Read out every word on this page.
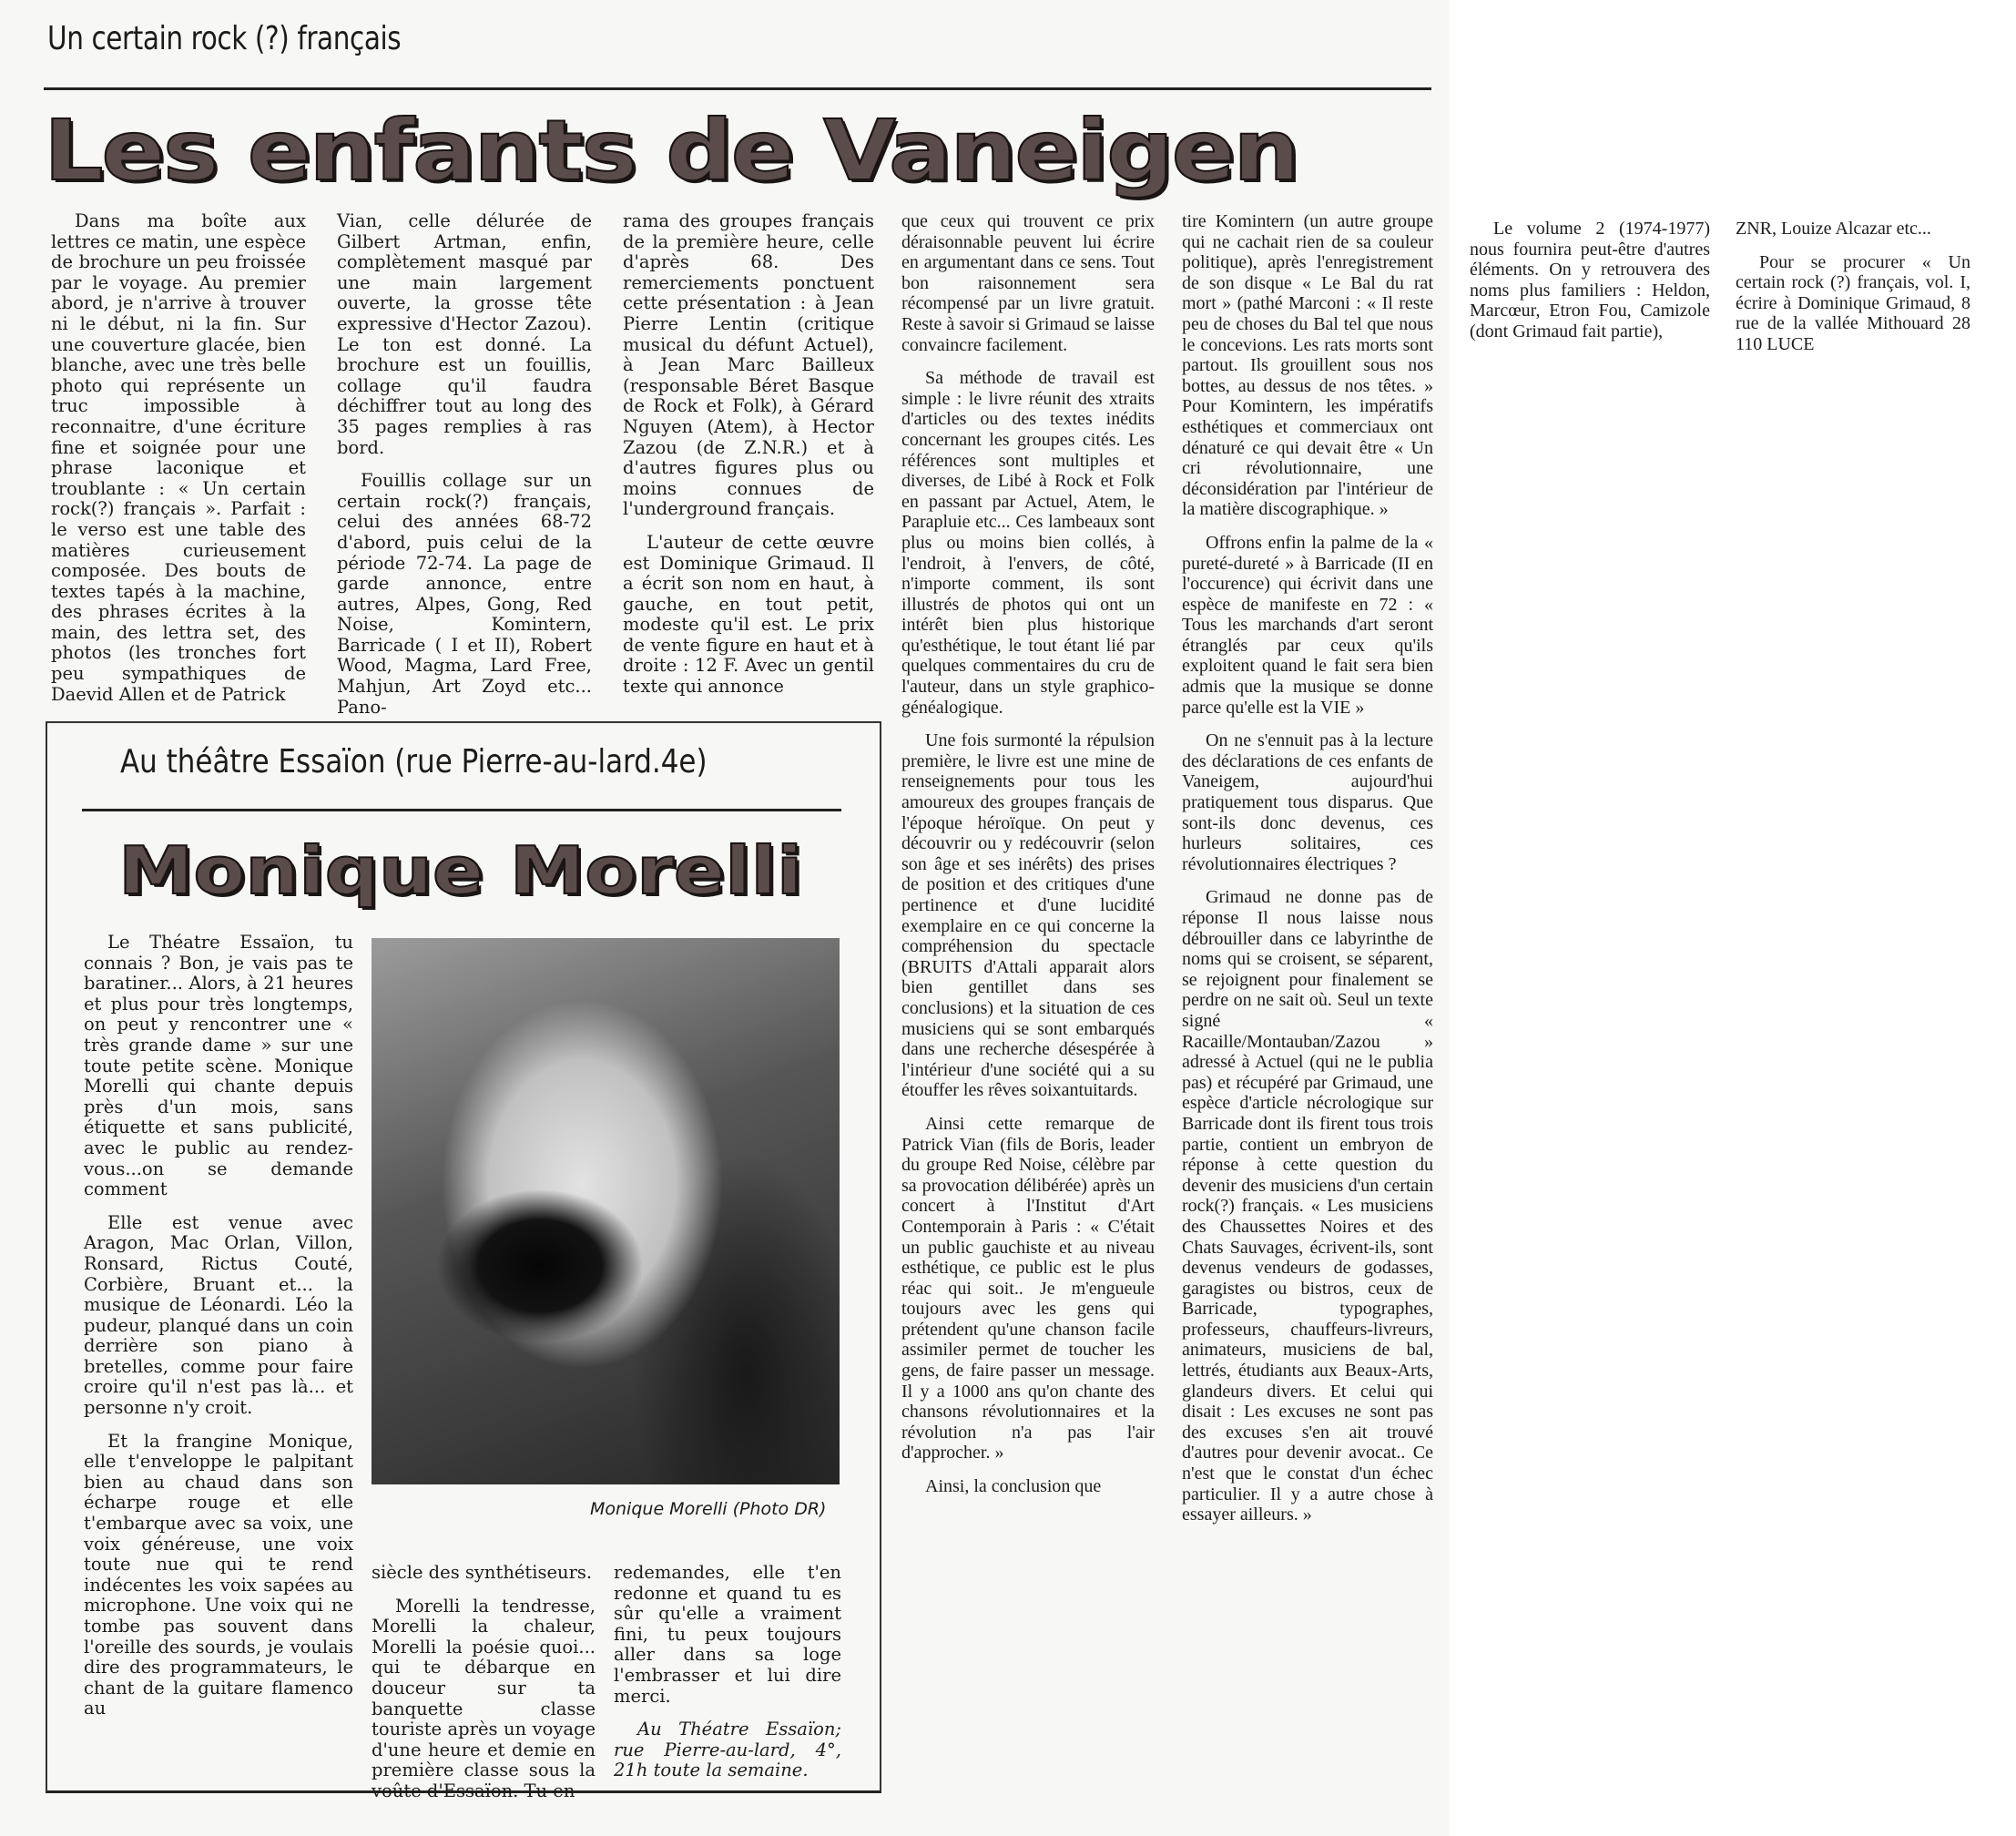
Un certain rock (?) français
Les enfants de Vaneigen

Dans ma boîte aux lettres ce matin, une espèce de brochure un peu froissée par le voyage. Au premier abord, je n'arrive à trouver ni le début, ni la fin. Sur une couverture glacée, bien blanche, avec une très belle photo qui représente un truc impossible à reconnaitre, d'une écriture fine et soignée pour une phrase laconique et troublante : « Un certain rock(?) français ». Parfait : le verso est une table des matières curieusement composée. Des bouts de textes tapés à la machine, des phrases écrites à la main, des lettra set, des photos (les tronches fort peu sympathiques de Daevid Allen et de Patrick

Vian, celle délurée de Gilbert Artman, enfin, complètement masqué par une main largement ouverte, la grosse tête expressive d'Hector Zazou). Le ton est donné. La brochure est un fouillis, collage qu'il faudra déchiffrer tout au long des 35 pages remplies à ras bord.

Fouillis collage sur un certain rock(?) français, celui des années 68-72 d'abord, puis celui de la période 72-74. La page de garde annonce, entre autres, Alpes, Gong, Red Noise, Komintern, Barricade ( I et II), Robert Wood, Magma, Lard Free, Mahjun, Art Zoyd etc... Pano-

rama des groupes français de la première heure, celle d'après 68. Des remerciements ponctuent cette présentation : à Jean Pierre Lentin (critique musical du défunt Actuel), à Jean Marc Bailleux (responsable Béret Basque de Rock et Folk), à Gérard Nguyen (Atem), à Hector Zazou (de Z.N.R.) et à d'autres figures plus ou moins connues de l'underground français.

L'auteur de cette œuvre est Dominique Grimaud. Il a écrit son nom en haut, à gauche, en tout petit, modeste qu'il est. Le prix de vente figure en haut et à droite : 12 F. Avec un gentil texte qui annonce

que ceux qui trouvent ce prix déraisonnable peuvent lui écrire en argumentant dans ce sens. Tout bon raisonnement sera récompensé par un livre gratuit. Reste à savoir si Grimaud se laisse convaincre facilement.

Sa méthode de travail est simple : le livre réunit des xtraits d'articles ou des textes inédits concernant les groupes cités. Les références sont multiples et diverses, de Libé à Rock et Folk en passant par Actuel, Atem, le Parapluie etc... Ces lambeaux sont plus ou moins bien collés, à l'endroit, à l'envers, de côté, n'importe comment, ils sont illustrés de photos qui ont un intérêt bien plus historique qu'esthétique, le tout étant lié par quelques commentaires du cru de l'auteur, dans un style graphico-généalogique.

Une fois surmonté la répulsion première, le livre est une mine de renseignements pour tous les amoureux des groupes français de l'époque héroïque. On peut y découvrir ou y redécouvrir (selon son âge et ses inérêts) des prises de position et des critiques d'une pertinence et d'une lucidité exemplaire en ce qui concerne la compréhension du spectacle (BRUITS d'Attali apparait alors bien gentillet dans ses conclusions) et la situation de ces musiciens qui se sont embarqués dans une recherche désespérée à l'intérieur d'une société qui a su étouffer les rêves soixantuitards.

Ainsi cette remarque de Patrick Vian (fils de Boris, leader du groupe Red Noise, célèbre par sa provocation délibérée) après un concert à l'Institut d'Art Contemporain à Paris : « C'était un public gauchiste et au niveau esthétique, ce public est le plus réac qui soit.. Je m'engueule toujours avec les gens qui prétendent qu'une chanson facile assimiler permet de toucher les gens, de faire passer un message. Il y a 1000 ans qu'on chante des chansons révolutionnaires et la révolution n'a pas l'air d'approcher. »

Ainsi, la conclusion que

tire Komintern (un autre groupe qui ne cachait rien de sa couleur politique), après l'enregistrement de son disque « Le Bal du rat mort » (pathé Marconi : « Il reste peu de choses du Bal tel que nous le concevions. Les rats morts sont partout. Ils grouillent sous nos bottes, au dessus de nos têtes. » Pour Komintern, les impératifs esthétiques et commerciaux ont dénaturé ce qui devait être « Un cri révolutionnaire, une déconsidération par l'intérieur de la matière discographique. »

Offrons enfin la palme de la « pureté-dureté » à Barricade (II en l'occurence) qui écrivit dans une espèce de manifeste en 72 : « Tous les marchands d'art seront étranglés par ceux qu'ils exploitent quand le fait sera bien admis que la musique se donne parce qu'elle est la VIE »

On ne s'ennuit pas à la lecture des déclarations de ces enfants de Vaneigem, aujourd'hui pratiquement tous disparus. Que sont-ils donc devenus, ces hurleurs solitaires, ces révolutionnaires électriques ?

Grimaud ne donne pas de réponse Il nous laisse nous débrouiller dans ce labyrinthe de noms qui se croisent, se séparent, se rejoignent pour finalement se perdre on ne sait où. Seul un texte signé « Racaille/Montauban/Zazou » adressé à Actuel (qui ne le publia pas) et récupéré par Grimaud, une espèce d'article nécrologique sur Barricade dont ils firent tous trois partie, contient un embryon de réponse à cette question du devenir des musiciens d'un certain rock(?) français. « Les musiciens des Chaussettes Noires et des Chats Sauvages, écrivent-ils, sont devenus vendeurs de godasses, garagistes ou bistros, ceux de Barricade, typographes, professeurs, chauffeurs-livreurs, animateurs, musiciens de bal, lettrés, étudiants aux Beaux-Arts, glandeurs divers. Et celui qui disait : Les excuses ne sont pas des excuses s'en ait trouvé d'autres pour devenir avocat.. Ce n'est que le constat d'un échec particulier. Il y a autre chose à essayer ailleurs. »

Au théâtre Essaïon (rue Pierre-au-lard.4e)
Monique Morelli
Monique Morelli (Photo DR)

Le Théatre Essaïon, tu connais ? Bon, je vais pas te baratiner... Alors, à 21 heures et plus pour très longtemps, on peut y rencontrer une « très grande dame » sur une toute petite scène. Monique Morelli qui chante depuis près d'un mois, sans étiquette et sans publicité, avec le public au rendez-vous...on se demande comment

Elle est venue avec Aragon, Mac Orlan, Villon, Ronsard, Rictus Couté, Corbière, Bruant et... la musique de Léonardi. Léo la pudeur, planqué dans un coin derrière son piano à bretelles, comme pour faire croire qu'il n'est pas là... et personne n'y croit.

Et la frangine Monique, elle t'enveloppe le palpitant bien au chaud dans son écharpe rouge et elle t'embarque avec sa voix, une voix généreuse, une voix toute nue qui te rend indécentes les voix sapées au microphone. Une voix qui ne tombe pas souvent dans l'oreille des sourds, je voulais dire des programmateurs, le chant de la guitare flamenco au

siècle des synthétiseurs.

Morelli la tendresse, Morelli la chaleur, Morelli la poésie quoi... qui te débarque en douceur sur ta banquette classe touriste après un voyage d'une heure et demie en première classe sous la voûte d'Essaïon. Tu en

redemandes, elle t'en redonne et quand tu es sûr qu'elle a vraiment fini, tu peux toujours aller dans sa loge l'embrasser et lui dire merci.

Au Théatre Essaïon; rue Pierre-au-lard, 4°, 21h toute la semaine.

Le volume 2 (1974-1977) nous fournira peut-être d'autres éléments. On y retrouvera des noms plus familiers : Heldon, Marcœur, Etron Fou, Camizole (dont Grimaud fait partie),

ZNR, Louize Alcazar etc...

Pour se procurer « Un certain rock (?) français, vol. I, écrire à Dominique Grimaud, 8 rue de la vallée Mithouard 28 110 LUCE
